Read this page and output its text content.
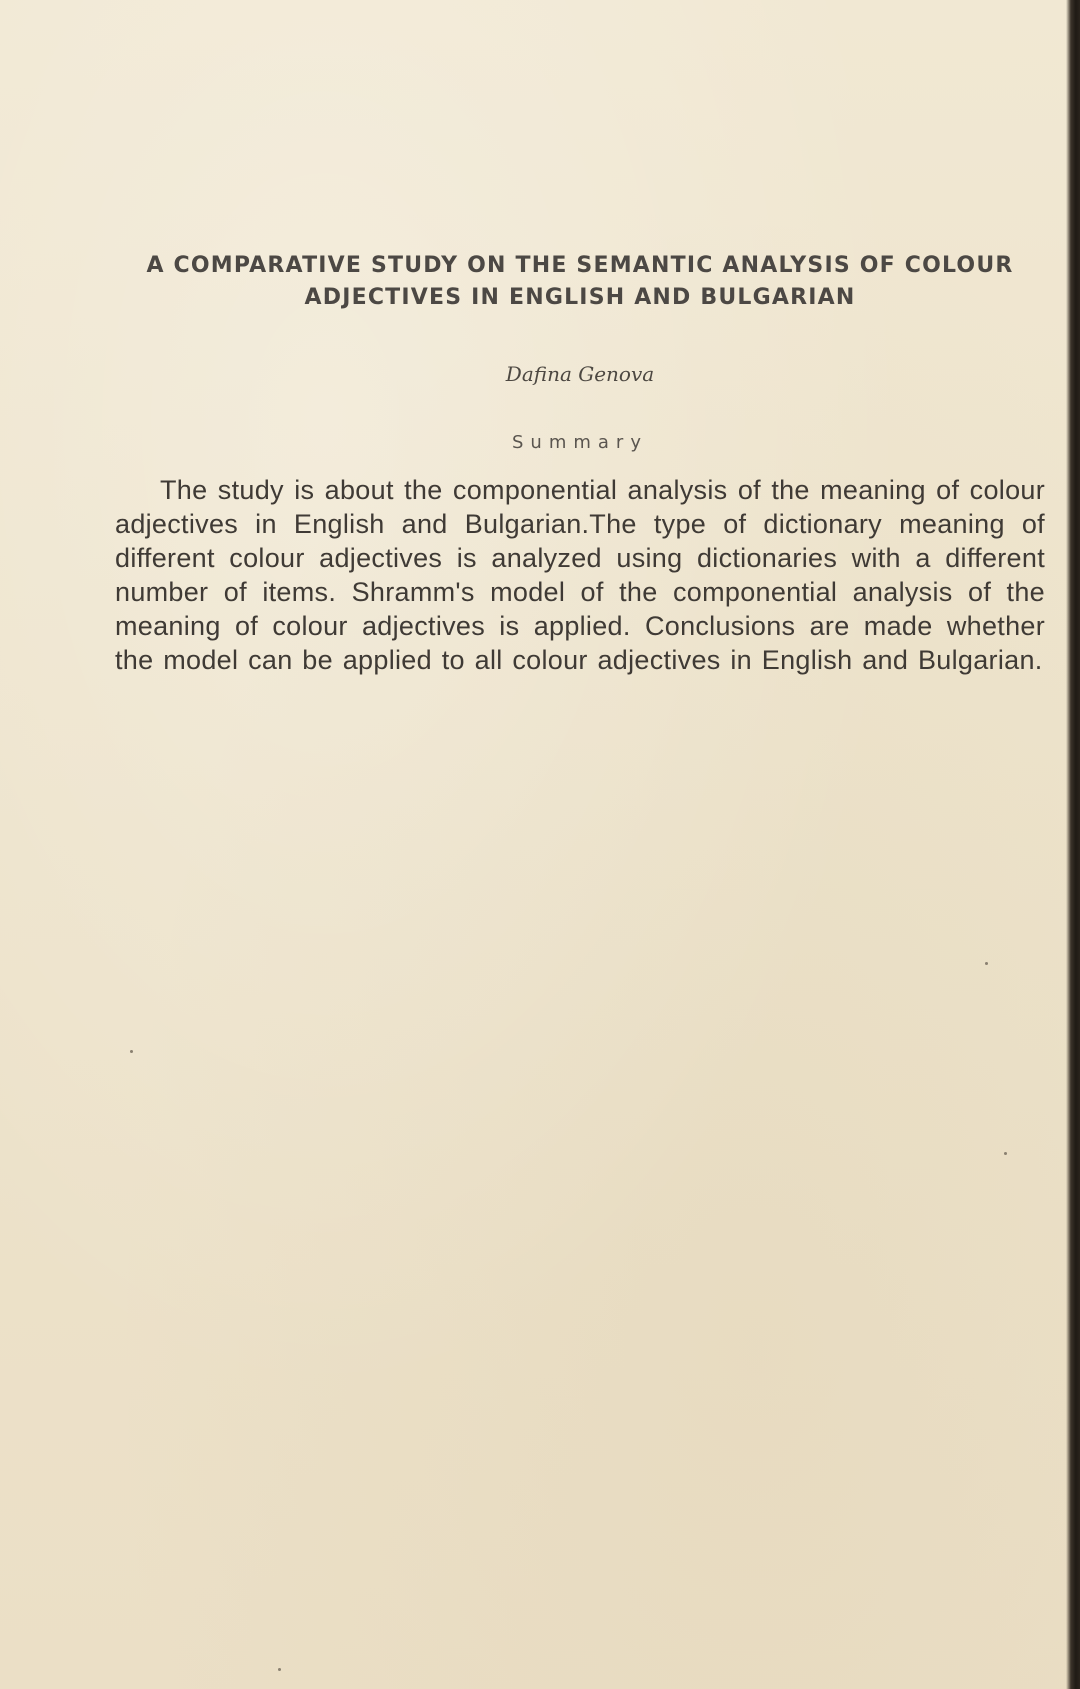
A COMPARATIVE STUDY ON THE SEMANTIC ANALYSIS OF COLOUR
ADJECTIVES IN ENGLISH AND BULGARIAN
Dafina Genova
Summary

The study is about the componential analysis of the meaning of colour adjectives in English and Bulgarian.The type of dictionary meaning of different colour adjectives is analyzed using dictionaries with a different number of items. Shramm's model of the componential analysis of the meaning of colour adjectives is applied. Conclusions are made whether the model can be applied to all colour adjectives in English and Bulgarian.
